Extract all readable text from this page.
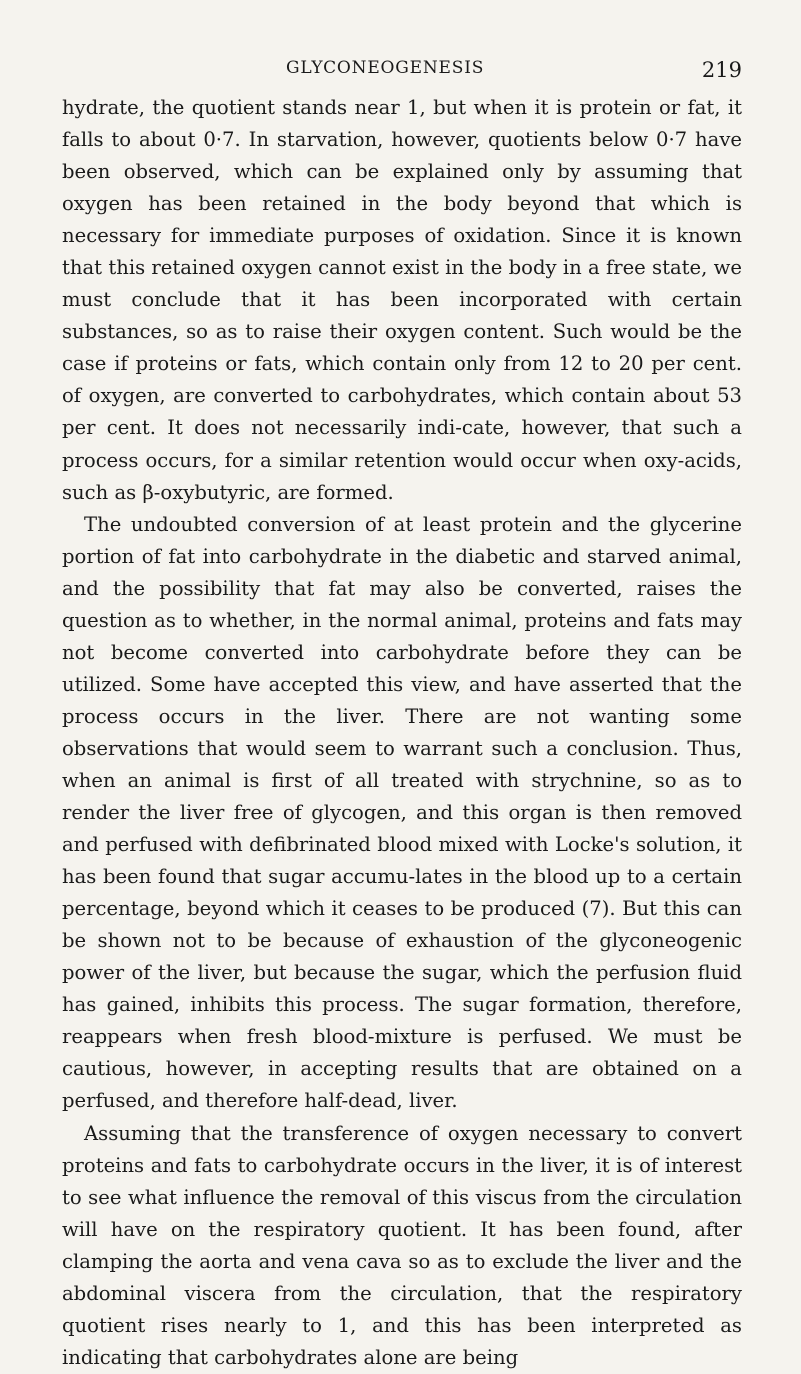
GLYCONEOGENESIS	219

hydrate, the quotient stands near 1, but when it is protein or fat, it falls to about 0·7. In starvation, however, quotients below 0·7 have been observed, which can be explained only by assuming that oxygen has been retained in the body beyond that which is necessary for immediate purposes of oxidation. Since it is known that this retained oxygen cannot exist in the body in a free state, we must conclude that it has been incorporated with certain substances, so as to raise their oxygen content. Such would be the case if proteins or fats, which contain only from 12 to 20 per cent. of oxygen, are converted to carbohydrates, which contain about 53 per cent. It does not necessarily indi-cate, however, that such a process occurs, for a similar retention would occur when oxy-acids, such as β-oxybutyric, are formed.

The undoubted conversion of at least protein and the glycerine portion of fat into carbohydrate in the diabetic and starved animal, and the possibility that fat may also be converted, raises the question as to whether, in the normal animal, proteins and fats may not become converted into carbohydrate before they can be utilized. Some have accepted this view, and have asserted that the process occurs in the liver. There are not wanting some observations that would seem to warrant such a conclusion. Thus, when an animal is first of all treated with strychnine, so as to render the liver free of glycogen, and this organ is then removed and perfused with defibrinated blood mixed with Locke's solution, it has been found that sugar accumu-lates in the blood up to a certain percentage, beyond which it ceases to be produced (7). But this can be shown not to be because of exhaustion of the glyconeogenic power of the liver, but because the sugar, which the perfusion fluid has gained, inhibits this process. The sugar formation, therefore, reappears when fresh blood-mixture is perfused. We must be cautious, however, in accepting results that are obtained on a perfused, and therefore half-dead, liver.

Assuming that the transference of oxygen necessary to convert proteins and fats to carbohydrate occurs in the liver, it is of interest to see what influence the removal of this viscus from the circulation will have on the respiratory quotient. It has been found, after clamping the aorta and vena cava so as to exclude the liver and the abdominal viscera from the circulation, that the respiratory quotient rises nearly to 1, and this has been interpreted as indicating that carbohydrates alone are being
